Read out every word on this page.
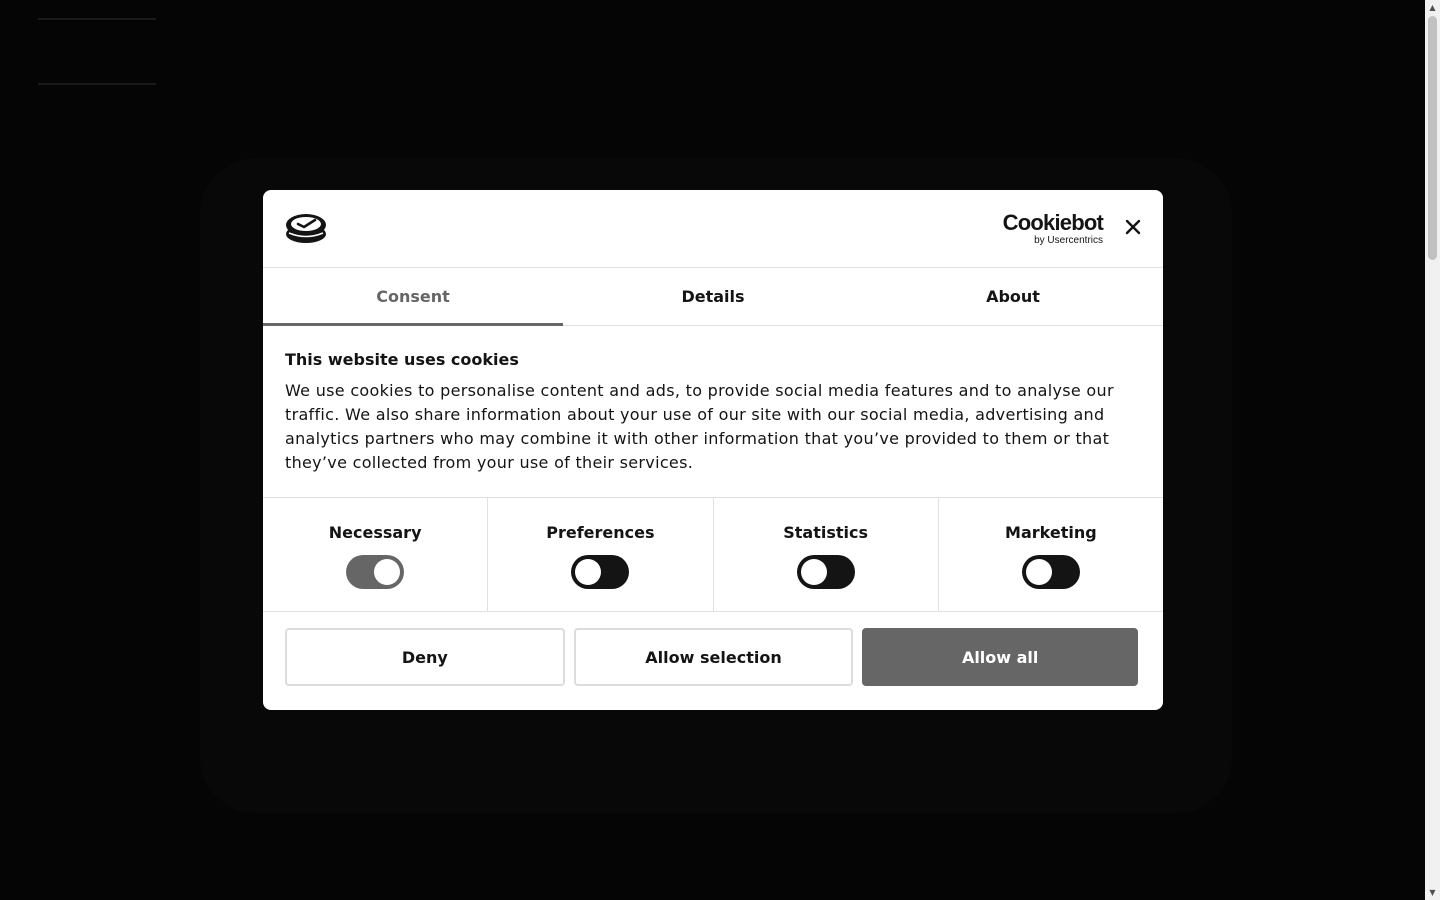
▲
▼
Cookiebot
by Usercentrics
Consent	Details	About
This website uses cookies
We use cookies to personalise content and ads, to provide social media features and to analyse our traffic. We also share information about your use of our site with our social media, advertising and analytics partners who may combine it with other information that you’ve provided to them or that they’ve collected from your use of their services.
Necessary	Preferences	Statistics	Marketing
Deny	Allow selection	Allow all
